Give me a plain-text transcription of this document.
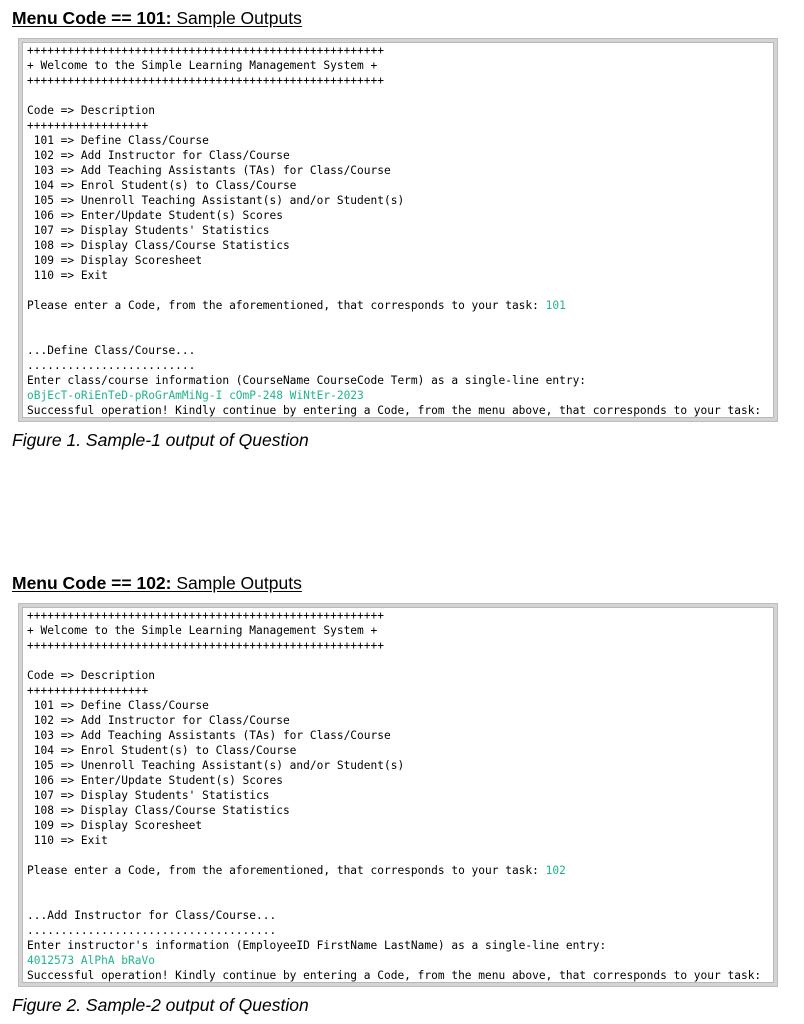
Menu Code == 101: Sample Outputs
+++++++++++++++++++++++++++++++++++++++++++++++++++++
+ Welcome to the Simple Learning Management System +
+++++++++++++++++++++++++++++++++++++++++++++++++++++
Code => Description
++++++++++++++++++
101 => Define Class/Course
102 => Add Instructor for Class/Course
103 => Add Teaching Assistants (TAs) for Class/Course
104 => Enrol Student(s) to Class/Course
105 => Unenroll Teaching Assistant(s) and/or Student(s)
106 => Enter/Update Student(s) Scores
107 => Display Students' Statistics
108 => Display Class/Course Statistics
109 => Display Scoresheet
110 => Exit
Please enter a Code, from the aforementioned, that corresponds to your task: 101
...Define Class/Course...
.........................
Enter class/course information (CourseName CourseCode Term) as a single-line entry:
oBjEcT-oRiEnTeD-pRoGrAmMiNg-I cOmP-248 WiNtEr-2023
Successful operation! Kindly continue by entering a Code, from the menu above, that corresponds to your task:
Figure 1. Sample-1 output of Question
Menu Code == 102: Sample Outputs
+++++++++++++++++++++++++++++++++++++++++++++++++++++
+ Welcome to the Simple Learning Management System +
+++++++++++++++++++++++++++++++++++++++++++++++++++++
Code => Description
++++++++++++++++++
101 => Define Class/Course
102 => Add Instructor for Class/Course
103 => Add Teaching Assistants (TAs) for Class/Course
104 => Enrol Student(s) to Class/Course
105 => Unenroll Teaching Assistant(s) and/or Student(s)
106 => Enter/Update Student(s) Scores
107 => Display Students' Statistics
108 => Display Class/Course Statistics
109 => Display Scoresheet
110 => Exit
Please enter a Code, from the aforementioned, that corresponds to your task: 102
...Add Instructor for Class/Course...
.....................................
Enter instructor's information (EmployeeID FirstName LastName) as a single-line entry:
4012573 AlPhA bRaVo
Successful operation! Kindly continue by entering a Code, from the menu above, that corresponds to your task:
Figure 2. Sample-2 output of Question
